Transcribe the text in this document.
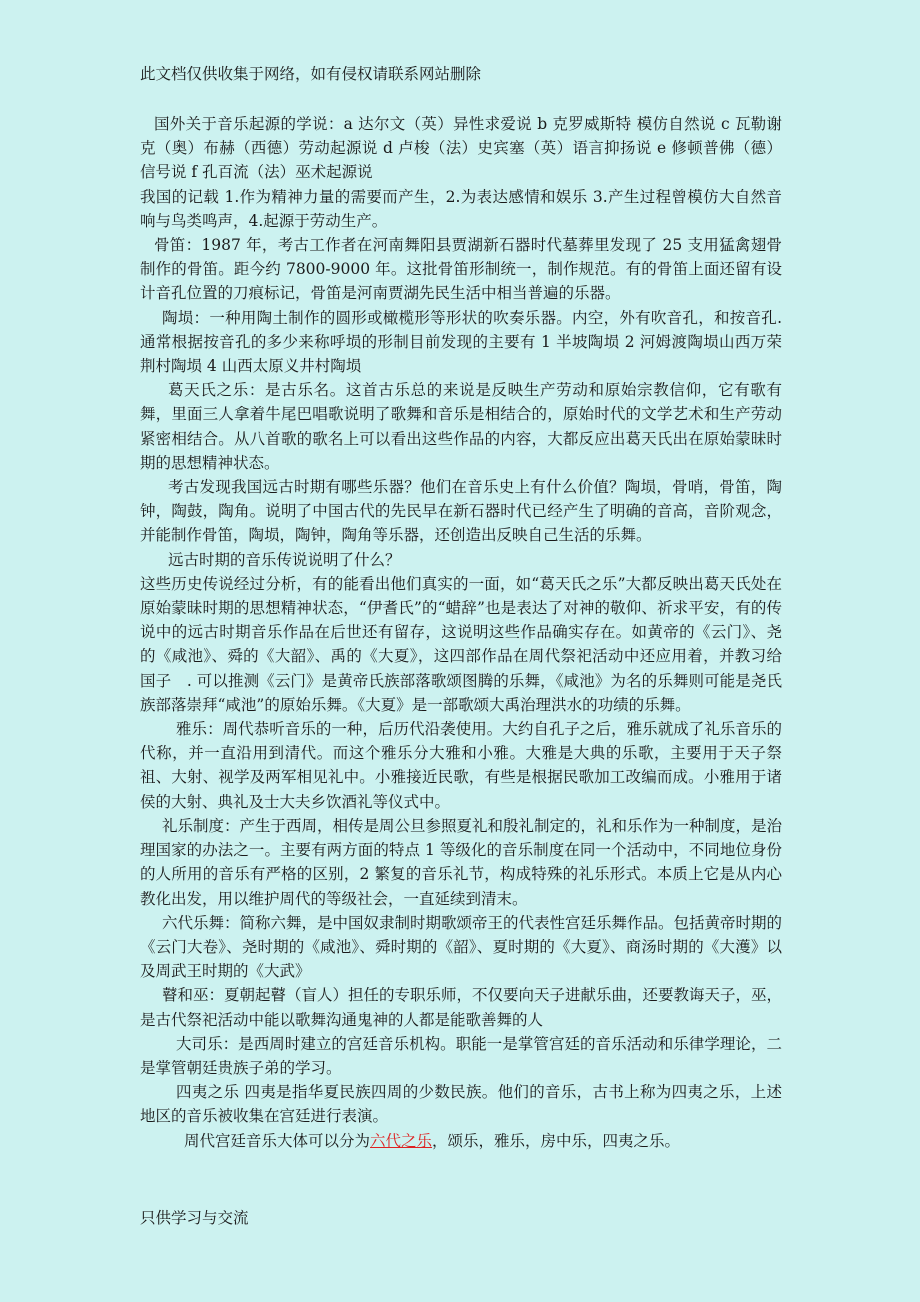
此文档仅供收集于网络，如有侵权请联系网站删除

国外关于音乐起源的学说：a 达尔文（英）异性求爱说 b 克罗威斯特 模仿自然说 c 瓦勒谢克（奥）布赫（西德）劳动起源说 d 卢梭（法）史宾塞（英）语言抑扬说 e 修顿普佛（德）信号说 f 孔百流（法）巫术起源说

我国的记载 1.作为精神力量的需要而产生，2.为表达感情和娱乐 3.产生过程曾模仿大自然音响与鸟类鸣声，4.起源于劳动生产。

骨笛：1987 年，考古工作者在河南舞阳县贾湖新石器时代墓葬里发现了 25 支用猛禽翅骨制作的骨笛。距今约 7800-9000 年。这批骨笛形制统一，制作规范。有的骨笛上面还留有设计音孔位置的刀痕标记，骨笛是河南贾湖先民生活中相当普遍的乐器。

陶埙：一种用陶土制作的圆形或橄榄形等形状的吹奏乐器。内空，外有吹音孔，和按音孔.通常根据按音孔的多少来称呼埙的形制目前发现的主要有 1 半坡陶埙 2 河姆渡陶埙山西万荣荆村陶埙 4 山西太原义井村陶埙

葛天氏之乐：是古乐名。这首古乐总的来说是反映生产劳动和原始宗教信仰，它有歌有舞，里面三人拿着牛尾巴唱歌说明了歌舞和音乐是相结合的，原始时代的文学艺术和生产劳动紧密相结合。从八首歌的歌名上可以看出这些作品的内容，大都反应出葛天氏出在原始蒙昧时期的思想精神状态。

考古发现我国远古时期有哪些乐器？他们在音乐史上有什么价值？陶埙，骨哨，骨笛，陶钟，陶鼓，陶角。说明了中国古代的先民早在新石器时代已经产生了明确的音高，音阶观念，并能制作骨笛，陶埙，陶钟，陶角等乐器，还创造出反映自己生活的乐舞。

远古时期的音乐传说说明了什么？

这些历史传说经过分析，有的能看出他们真实的一面，如“葛天氏之乐”大都反映出葛天氏处在原始蒙昧时期的思想精神状态，“伊耆氏”的“蜡辞”也是表达了对神的敬仰、祈求平安，有的传说中的远古时期音乐作品在后世还有留存，这说明这些作品确实存在。如黄帝的《云门》、尧的《咸池》、舜的《大韶》、禹的《大夏》，这四部作品在周代祭祀活动中还应用着，并教习给国子　. 可以推测《云门》是黄帝氏族部落歌颂图腾的乐舞，《咸池》为名的乐舞则可能是尧氏族部落崇拜“咸池”的原始乐舞。《大夏》是一部歌颂大禹治理洪水的功绩的乐舞。

雅乐：周代恭听音乐的一种，后历代沿袭使用。大约自孔子之后，雅乐就成了礼乐音乐的代称，并一直沿用到清代。而这个雅乐分大雅和小雅。大雅是大典的乐歌，主要用于天子祭祖、大射、视学及两军相见礼中。小雅接近民歌，有些是根据民歌加工改编而成。小雅用于诸侯的大射、典礼及士大夫乡饮酒礼等仪式中。

礼乐制度：产生于西周，相传是周公旦参照夏礼和殷礼制定的，礼和乐作为一种制度，是治理国家的办法之一。主要有两方面的特点 1 等级化的音乐制度在同一个活动中，不同地位身份的人所用的音乐有严格的区别，2 繁复的音乐礼节，构成特殊的礼乐形式。本质上它是从内心教化出发，用以维护周代的等级社会，一直延续到清末。

六代乐舞：简称六舞，是中国奴隶制时期歌颂帝王的代表性宫廷乐舞作品。包括黄帝时期的《云门大卷》、尧时期的《咸池》、舜时期的《韶》、夏时期的《大夏》、商汤时期的《大濩》以及周武王时期的《大武》

瞽和巫：夏朝起瞽（盲人）担任的专职乐师，不仅要向天子进献乐曲，还要教诲天子，巫，是古代祭祀活动中能以歌舞沟通鬼神的人都是能歌善舞的人

大司乐：是西周时建立的宫廷音乐机构。职能一是掌管宫廷的音乐活动和乐律学理论，二是掌管朝廷贵族子弟的学习。

四夷之乐 四夷是指华夏民族四周的少数民族。他们的音乐，古书上称为四夷之乐，上述地区的音乐被收集在宫廷进行表演。

周代宫廷音乐大体可以分为六代之乐，颂乐，雅乐，房中乐，四夷之乐。

只供学习与交流
